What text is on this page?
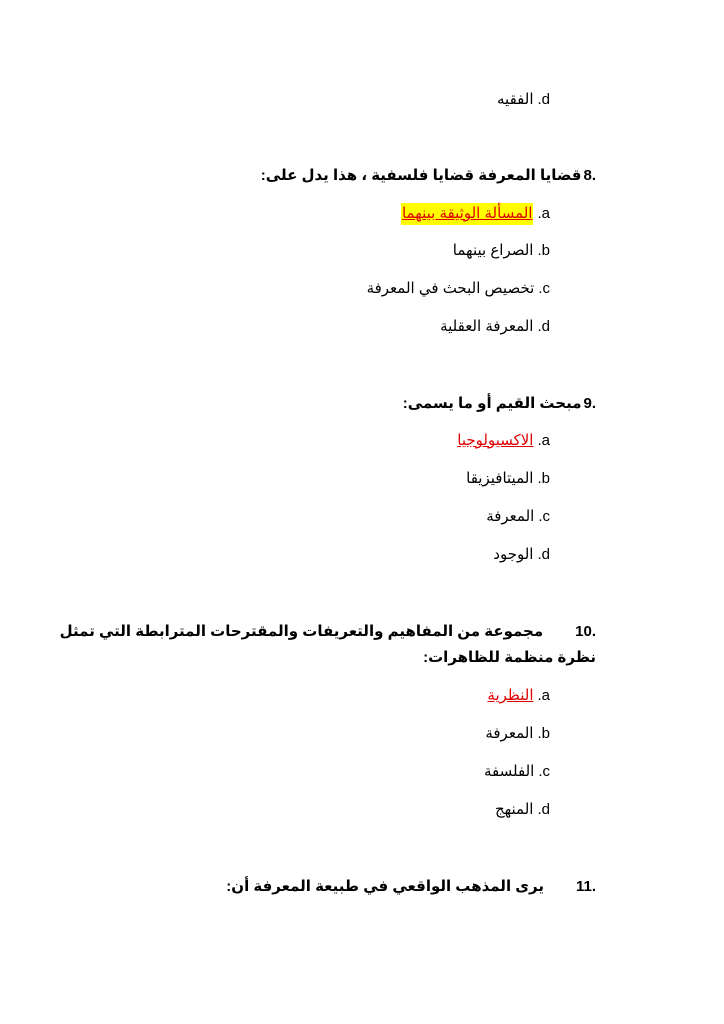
.d
الفقيه
8.
قضايا المعرفة قضايا فلسفية ، هذا يدل على:
.a
المسألة الوثيقة بينهما
.b
الصراع بينهما
.c
تخصيص البحث في المعرفة
.d
المعرفة العقلية
9.
مبحث القيم أو ما يسمى:
.a
الاكسيولوجيا
.b
الميتافيزيقا
.c
المعرفة
.d
الوجود
10.
مجموعة من المفاهيم والتعريفات والمقترحات المترابطة التي تمثل
نظرة منظمة للظاهرات:
.a
النظرية
.b
المعرفة
.c
الفلسفة
.d
المنهج
11.
يرى المذهب الواقعي في طبيعة المعرفة أن:
